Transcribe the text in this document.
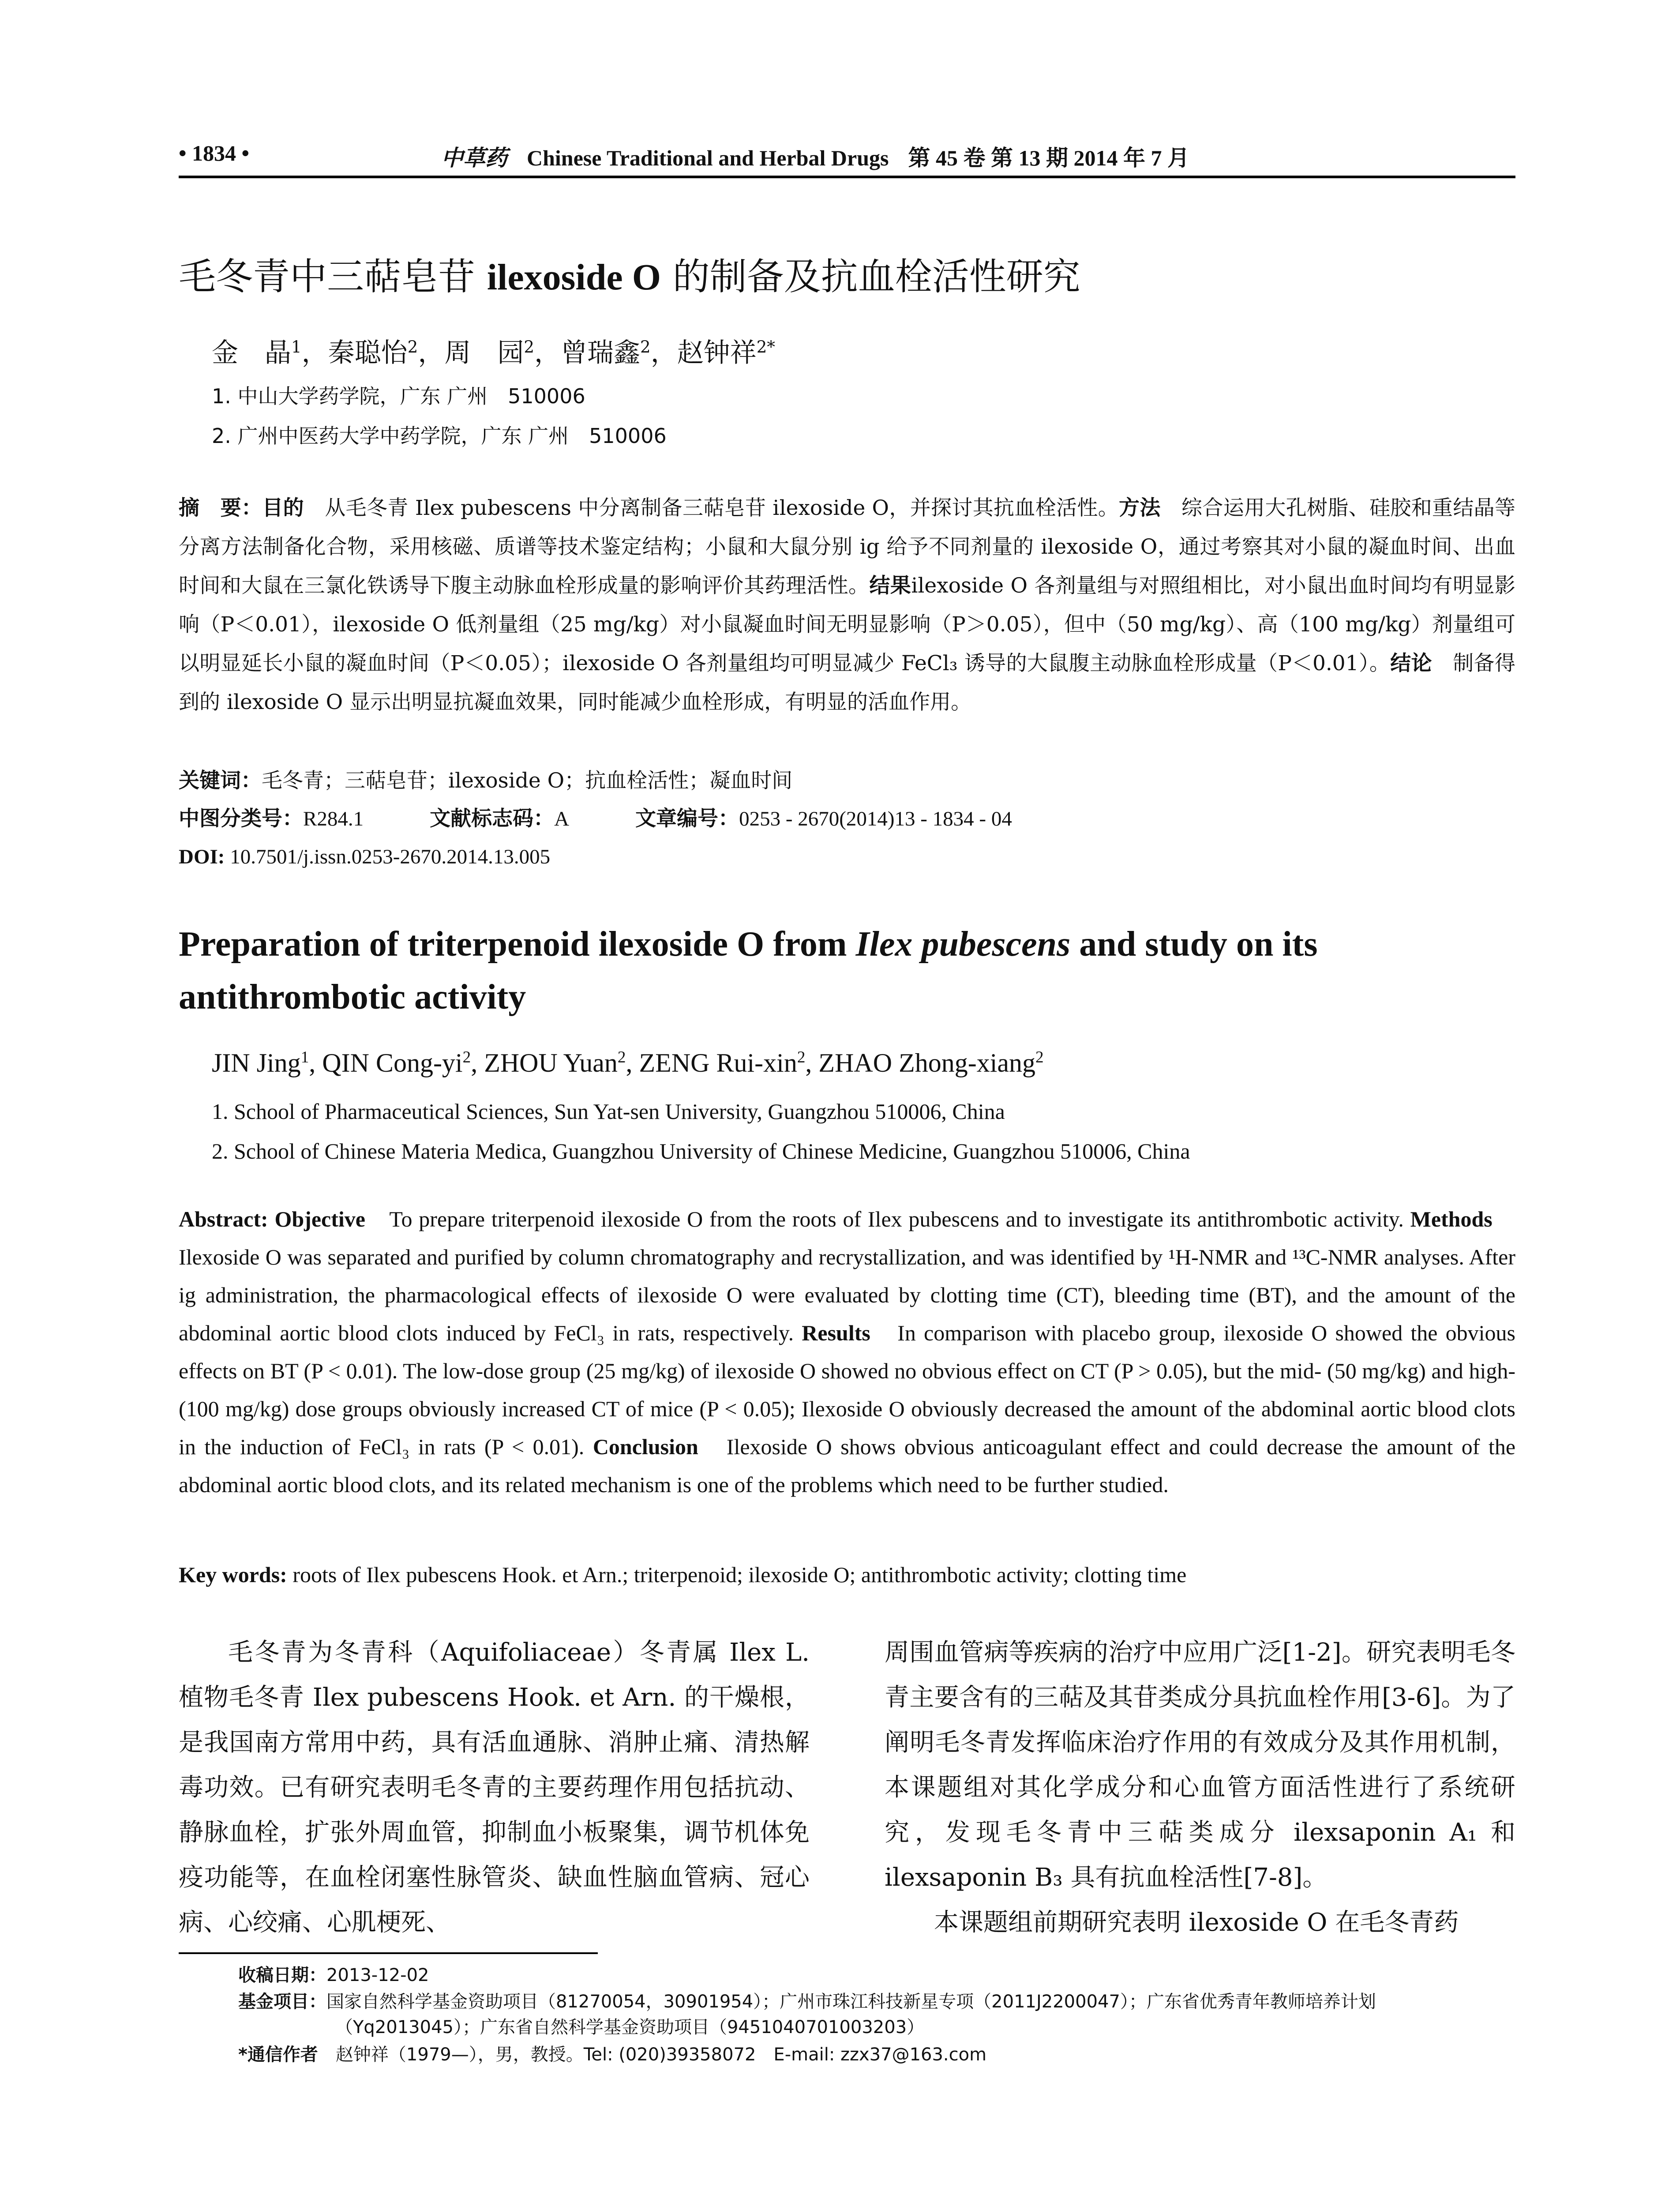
• 1834 •	中草药 Chinese Traditional and Herbal Drugs 第 45 卷 第 13 期 2014 年 7 月
毛冬青中三萜皂苷 ilexoside O 的制备及抗血栓活性研究
金　晶$^1$，秦聪怡$^2$，周　园$^2$，曾瑞鑫$^2$，赵钟祥$^{2*}$
1. 中山大学药学院，广东 广州　510006
2. 广州中医药大学中药学院，广东 广州　510006
摘　要：目的　从毛冬青 Ilex pubescens 中分离制备三萜皂苷 ilexoside O，并探讨其抗血栓活性。方法　综合运用大孔树脂、硅胶和重结晶等分离方法制备化合物，采用核磁、质谱等技术鉴定结构；小鼠和大鼠分别 ig 给予不同剂量的 ilexoside O，通过考察其对小鼠的凝血时间、出血时间和大鼠在三氯化铁诱导下腹主动脉血栓形成量的影响评价其药理活性。结果ilexoside O 各剂量组与对照组相比，对小鼠出血时间均有明显影响（P＜0.01），ilexoside O 低剂量组（25 mg/kg）对小鼠凝血时间无明显影响（P＞0.05），但中（50 mg/kg）、高（100 mg/kg）剂量组可以明显延长小鼠的凝血时间（P＜0.05）；ilexoside O 各剂量组均可明显减少 FeCl₃ 诱导的大鼠腹主动脉血栓形成量（P＜0.01）。结论　制备得到的 ilexoside O 显示出明显抗凝血效果，同时能减少血栓形成，有明显的活血作用。
关键词：毛冬青；三萜皂苷；ilexoside O；抗血栓活性；凝血时间
中图分类号：R284.1	文献标志码：A	文章编号：0253 - 2670(2014)13 - 1834 - 04
DOI: 10.7501/j.issn.0253-2670.2014.13.005
Preparation of triterpenoid ilexoside O from Ilex pubescens and study on its antithrombotic activity
JIN Jing$^1$, QIN Cong-$yi^2$, ZHOU Yuan$^2$, ZENG Rui-xin$^2$, ZHAO Zhong-xiang$^2$
1. School of Pharmaceutical Sciences, Sun Yat-sen University, Guangzhou 510006, China
2. School of Chinese Materia Medica, Guangzhou University of Chinese Medicine, Guangzhou 510006, China
Abstract: Objective　To prepare triterpenoid ilexoside O from the roots of Ilex pubescens and to investigate its antithrombotic activity. Methods　Ilexoside O was separated and purified by column chromatography and recrystallization, and was identified by ¹H-NMR and ¹³C-NMR analyses. After ig administration, the pharmacological effects of ilexoside O were evaluated by clotting time (CT), bleeding time (BT), and the amount of the abdominal aortic blood clots induced by FeCl₃ in rats, respectively. Results　In comparison with placebo group, ilexoside O showed the obvious effects on BT (P < 0.01). The low-dose group (25 mg/kg) of ilexoside O showed no obvious effect on CT (P > 0.05), but the mid- (50 mg/kg) and high- (100 mg/kg) dose groups obviously increased CT of mice (P < 0.05); Ilexoside O obviously decreased the amount of the abdominal aortic blood clots in the induction of FeCl₃ in rats (P < 0.01). Conclusion　Ilexoside O shows obvious anticoagulant effect and could decrease the amount of the abdominal aortic blood clots, and its related mechanism is one of the problems which need to be further studied.
Key words: roots of Ilex pubescens Hook. et Arn.; triterpenoid; ilexoside O; antithrombotic activity; clotting time
毛冬青为冬青科（Aquifoliaceae）冬青属 Ilex L. 植物毛冬青 Ilex pubescens Hook. et Arn. 的干燥根，是我国南方常用中药，具有活血通脉、消肿止痛、清热解毒功效。已有研究表明毛冬青的主要药理作用包括抗动、静脉血栓，扩张外周血管，抑制血小板聚集，调节机体免疫功能等，在血栓闭塞性脉管炎、缺血性脑血管病、冠心病、心绞痛、心肌梗死、
周围血管病等疾病的治疗中应用广泛[1-2]。研究表明毛冬青主要含有的三萜及其苷类成分具抗血栓作用[3-6]。为了阐明毛冬青发挥临床治疗作用的有效成分及其作用机制，本课题组对其化学成分和心血管方面活性进行了系统研究，发现毛冬青中三萜类成分 ilexsaponin A₁ 和 ilexsaponin B₃ 具有抗血栓活性[7-8]。
本课题组前期研究表明 ilexoside O 在毛冬青药
收稿日期：2013-12-02
基金项目：国家自然科学基金资助项目（81270054，30901954）；广州市珠江科技新星专项（2011J2200047）；广东省优秀青年教师培养计划
（Yq2013045）；广东省自然科学基金资助项目（9451040701003203）
*通信作者　赵钟祥（1979—），男，教授。Tel: (020)39358072　E-mail: zzx37@163.com
